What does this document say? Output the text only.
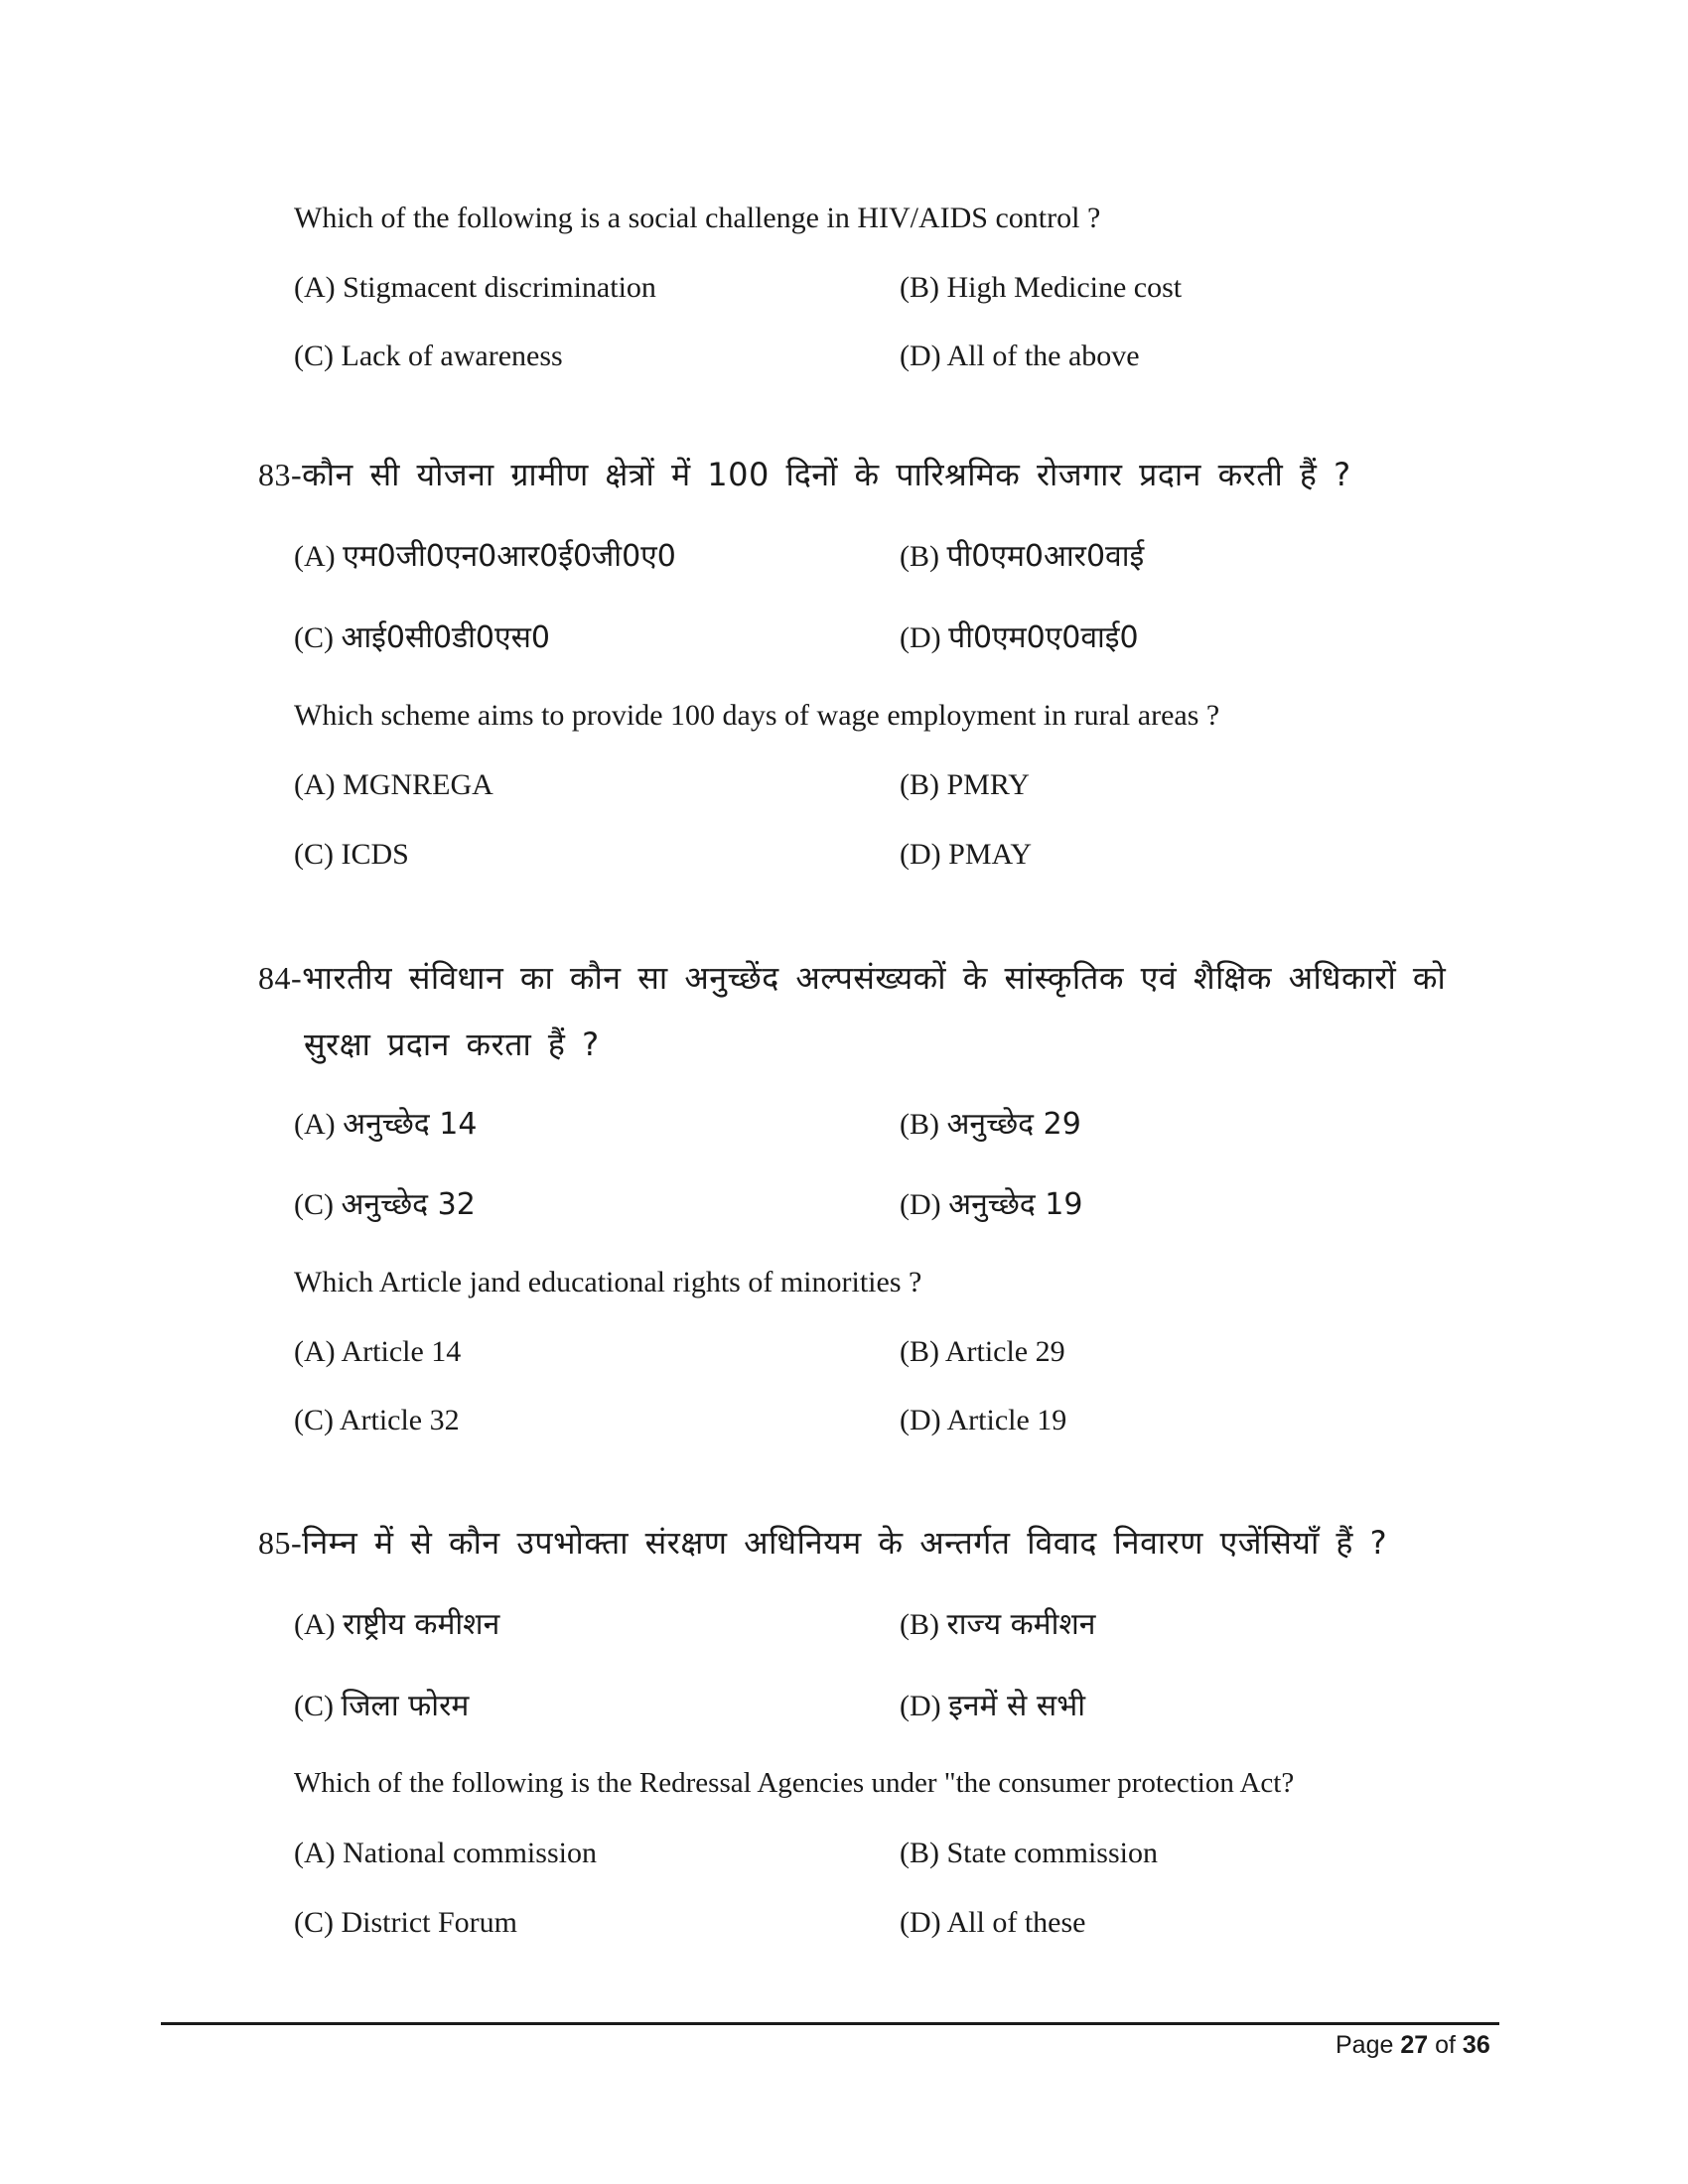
Which of the following is a social challenge in HIV/AIDS control ?
(A) Stigmacent discrimination	(B) High Medicine cost
(C) Lack of awareness	(D) All of the above
83-कौन सी योजना ग्रामीण क्षेत्रों में 100 दिनों के पारिश्रमिक रोजगार प्रदान करती हैं ?
(A) एम0जी0एन0आर0ई0जी0ए0	(B) पी0एम0आर0वाई
(C) आई0सी0डी0एस0	(D) पी0एम0ए0वाई0
Which scheme aims to provide 100 days of wage employment in rural areas ?
(A) MGNREGA	(B) PMRY
(C) ICDS	(D) PMAY
84-भारतीय संविधान का कौन सा अनुच्छेंद अल्पसंख्यकों के सांस्कृतिक एवं शैक्षिक अधिकारों को
सुरक्षा प्रदान करता हैं ?
(A) अनुच्छेद 14	(B) अनुच्छेद 29
(C) अनुच्छेद 32	(D) अनुच्छेद 19
Which Article jand educational rights of minorities ?
(A) Article 14	(B) Article 29
(C) Article 32	(D) Article 19
85-निम्न में से कौन उपभोक्ता संरक्षण अधिनियम के अन्तर्गत विवाद निवारण एजेंसियाँ हैं ?
(A) राष्ट्रीय कमीशन	(B) राज्य कमीशन
(C) जिला फोरम	(D) इनमें से सभी
Which of the following is the Redressal Agencies under "the consumer protection Act?
(A) National commission	(B) State commission
(C) District Forum	(D) All of these
Page 27 of 36
